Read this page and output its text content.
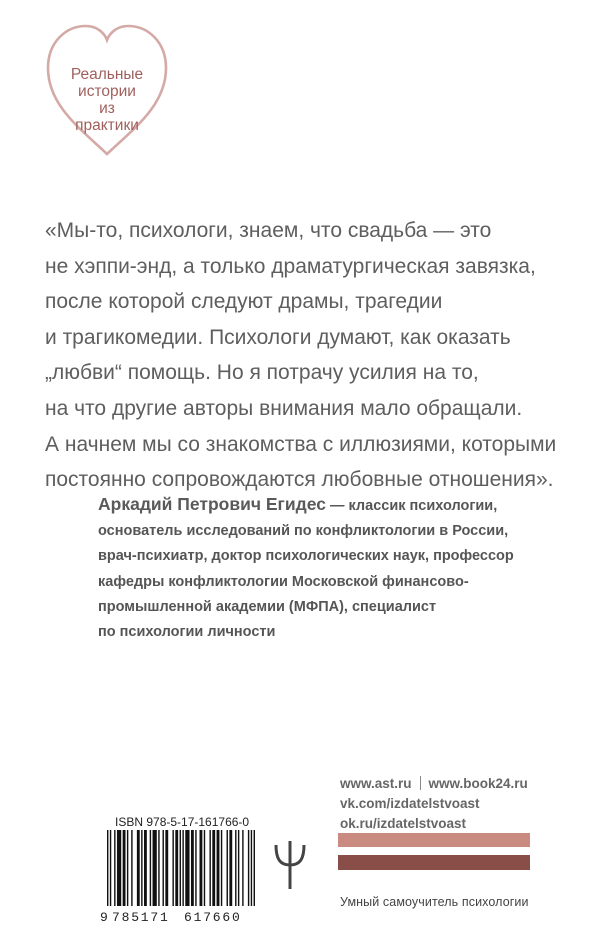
Реальные
истории
из
практики
«Мы-то, психологи, знаем, что свадьба — это
не хэппи-энд, а только драматургическая завязка,
после которой следуют драмы, трагедии
и трагикомедии. Психологи думают, как оказать
„любви“ помощь. Но я потрачу усилия на то,
на что другие авторы внимания мало обращали.
А начнем мы со знакомства с иллюзиями, которыми
постоянно сопровождаются любовные отношения».
Аркадий Петрович Егидес — классик психологии,
основатель исследований по конфликтологии в России,
врач-психиатр, доктор психологических наук, профессор
кафедры конфликтологии Московской финансово-
промышленной академии (МФПА), специалист
по психологии личности
www.ast.ru www.book24.ru
vk.com/izdatelstvoast
ok.ru/izdatelstvoast
Умный самоучитель психологии
ISBN 978-5-17-161766-0
9 785171 617660
